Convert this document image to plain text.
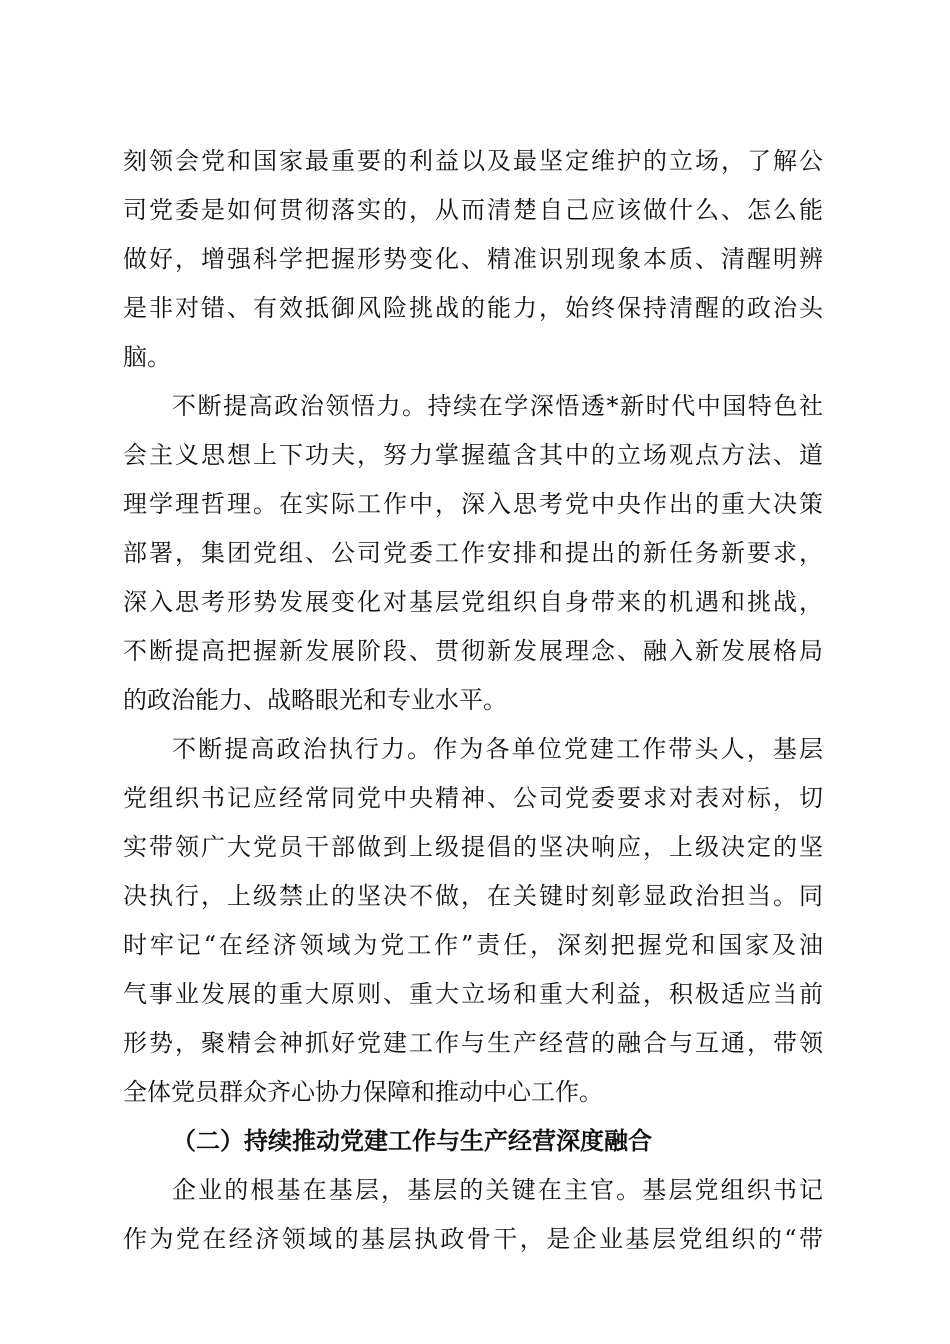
刻领会党和国家最重要的利益以及最坚定维护的立场，了解公
司党委是如何贯彻落实的，从而清楚自己应该做什么、怎么能
做好，增强科学把握形势变化、精准识别现象本质、清醒明辨
是非对错、有效抵御风险挑战的能力，始终保持清醒的政治头
脑。
不断提高政治领悟力。持续在学深悟透*新时代中国特色社
会主义思想上下功夫，努力掌握蕴含其中的立场观点方法、道
理学理哲理。在实际工作中，深入思考党中央作出的重大决策
部署，集团党组、公司党委工作安排和提出的新任务新要求，
深入思考形势发展变化对基层党组织自身带来的机遇和挑战，
不断提高把握新发展阶段、贯彻新发展理念、融入新发展格局
的政治能力、战略眼光和专业水平。
不断提高政治执行力。作为各单位党建工作带头人，基层
党组织书记应经常同党中央精神、公司党委要求对表对标，切
实带领广大党员干部做到上级提倡的坚决响应，上级决定的坚
决执行，上级禁止的坚决不做，在关键时刻彰显政治担当。同
时牢记“在经济领域为党工作”责任，深刻把握党和国家及油
气事业发展的重大原则、重大立场和重大利益，积极适应当前
形势，聚精会神抓好党建工作与生产经营的融合与互通，带领
全体党员群众齐心协力保障和推动中心工作。
（二）持续推动党建工作与生产经营深度融合
企业的根基在基层，基层的关键在主官。基层党组织书记
作为党在经济领域的基层执政骨干，是企业基层党组织的“带
